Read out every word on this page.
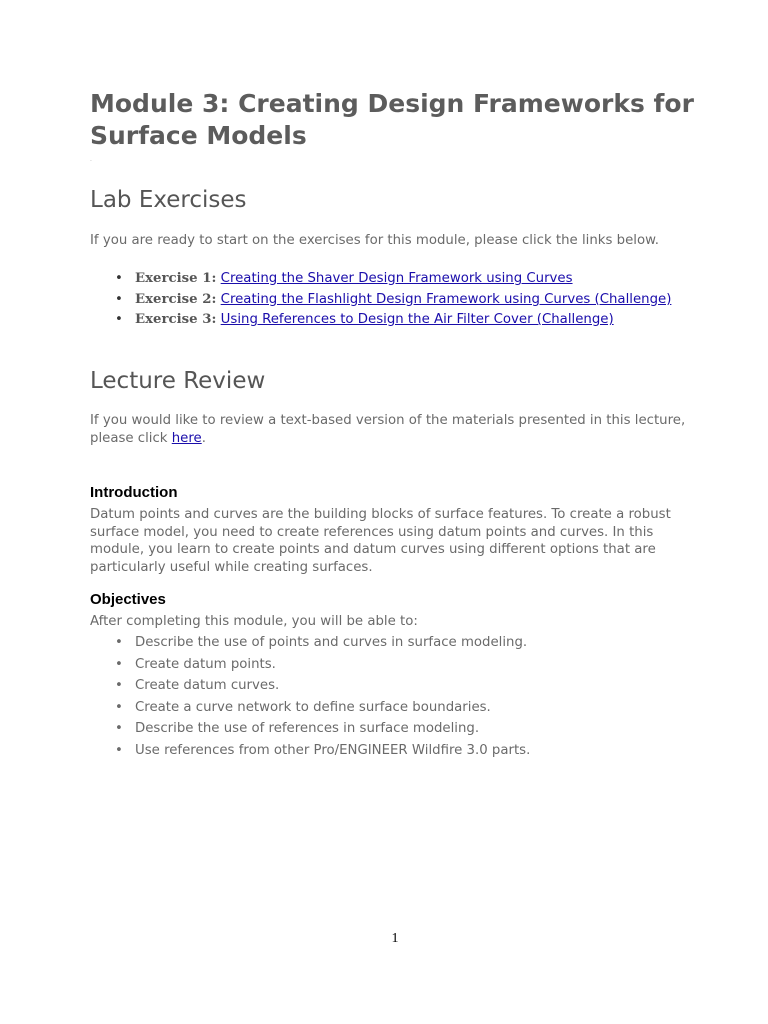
Module 3: Creating Design Frameworks for Surface Models
.
Lab Exercises

If you are ready to start on the exercises for this module, please click the links below.

• Exercise 1: Creating the Shaver Design Framework using Curves
• Exercise 2: Creating the Flashlight Design Framework using Curves (Challenge)
• Exercise 3: Using References to Design the Air Filter Cover (Challenge)
Lecture Review

If you would like to review a text-based version of the materials presented in this lecture, please click here.

Introduction

Datum points and curves are the building blocks of surface features. To create a robust surface model, you need to create references using datum points and curves. In this module, you learn to create points and datum curves using different options that are particularly useful while creating surfaces.

Objectives

After completing this module, you will be able to:

• Describe the use of points and curves in surface modeling.
• Create datum points.
• Create datum curves.
• Create a curve network to define surface boundaries.
• Describe the use of references in surface modeling.
• Use references from other Pro/ENGINEER Wildfire 3.0 parts.
1
